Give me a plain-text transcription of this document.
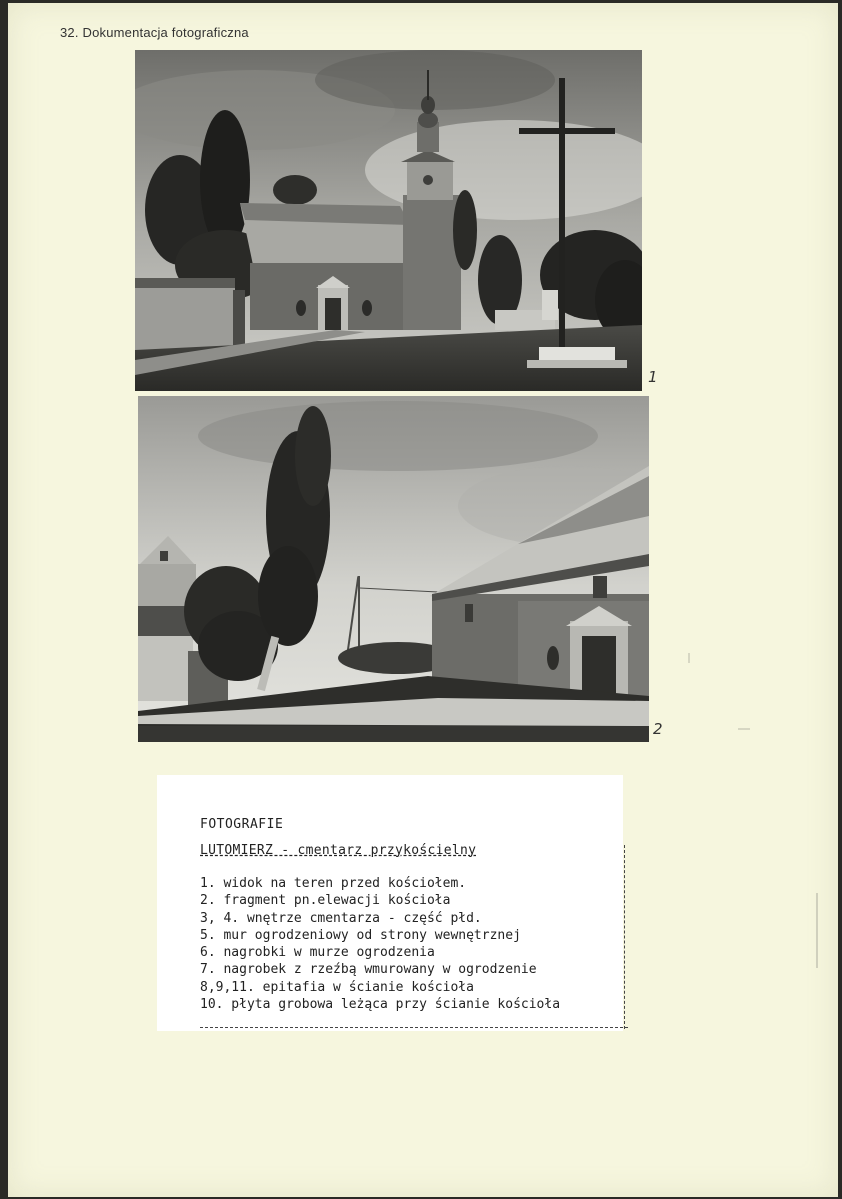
32. Dokumentacja fotograficzna
1
2
FOTOGRAFIE
LUTOMIERZ - cmentarz przykościelny
1. widok na teren przed kościołem.
2. fragment pn.elewacji kościoła
3, 4. wnętrze cmentarza - część płd.
5. mur ogrodzeniowy od strony wewnętrznej
6. nagrobki w murze ogrodzenia
7. nagrobek z rzeźbą wmurowany w ogrodzenie
8,9,11. epitafia w ścianie kościoła
10. płyta grobowa leżąca przy ścianie kościoła
